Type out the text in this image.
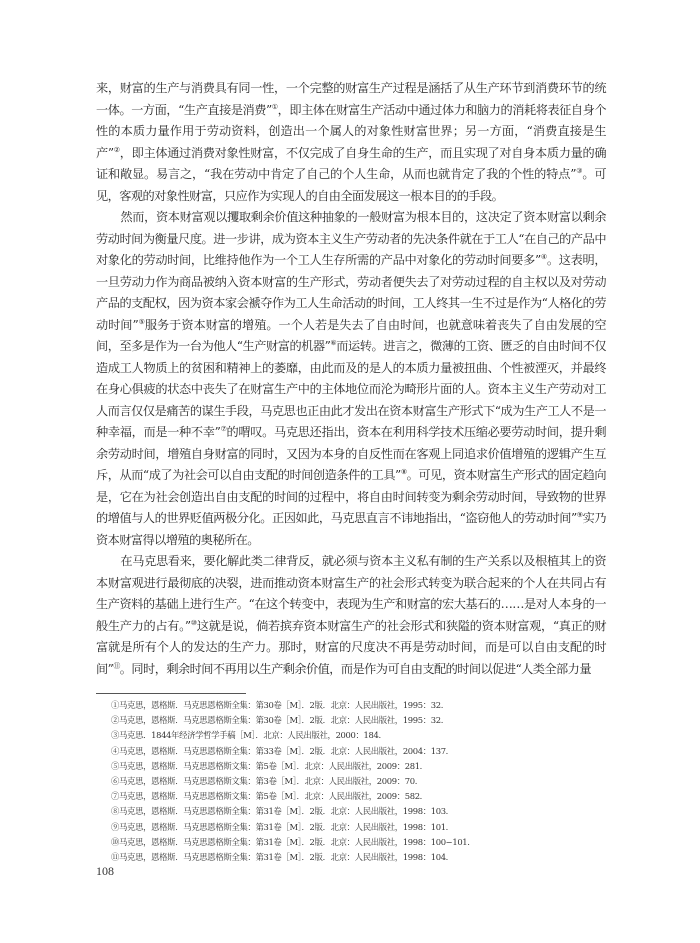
来，财富的生产与消费具有同一性，一个完整的财富生产过程是涵括了从生产环节到消费环节的统一体。一方面，“生产直接是消费”①，即主体在财富生产活动中通过体力和脑力的消耗将表征自身个性的本质力量作用于劳动资料，创造出一个属人的对象性财富世界；另一方面，“消费直接是生产”②，即主体通过消费对象性财富，不仅完成了自身生命的生产，而且实现了对自身本质力量的确证和敞显。易言之，“我在劳动中肯定了自己的个人生命，从而也就肯定了我的个性的特点”③。可见，客观的对象性财富，只应作为实现人的自由全面发展这一根本目的的手段。

然而，资本财富观以攫取剩余价值这种抽象的一般财富为根本目的，这决定了资本财富以剩余劳动时间为衡量尺度。进一步讲，成为资本主义生产劳动者的先决条件就在于工人“在自己的产品中对象化的劳动时间，比维持他作为一个工人生存所需的产品中对象化的劳动时间要多”④。这表明，一旦劳动力作为商品被纳入资本财富的生产形式，劳动者便失去了对劳动过程的自主权以及对劳动产品的支配权，因为资本家会褫夺作为工人生命活动的时间，工人终其一生不过是作为“人格化的劳动时间”⑤服务于资本财富的增殖。一个人若是失去了自由时间，也就意味着丧失了自由发展的空间，至多是作为一台为他人“生产财富的机器”⑥而运转。进言之，微薄的工资、匮乏的自由时间不仅造成工人物质上的贫困和精神上的萎靡，由此而及的是人的本质力量被扭曲、个性被湮灭，并最终在身心俱疲的状态中丧失了在财富生产中的主体地位而沦为畸形片面的人。资本主义生产劳动对工人而言仅仅是痛苦的谋生手段，马克思也正由此才发出在资本财富生产形式下“成为生产工人不是一种幸福，而是一种不幸”⑦的喟叹。马克思还指出，资本在利用科学技术压缩必要劳动时间，提升剩余劳动时间，增殖自身财富的同时，又因为本身的自反性而在客观上同追求价值增殖的逻辑产生互斥，从而“成了为社会可以自由支配的时间创造条件的工具”⑧。可见，资本财富生产形式的固定趋向是，它在为社会创造出自由支配的时间的过程中，将自由时间转变为剩余劳动时间，导致物的世界的增值与人的世界贬值两极分化。正因如此，马克思直言不讳地指出，“盗窃他人的劳动时间”⑨实乃资本财富得以增殖的奥秘所在。

在马克思看来，要化解此类二律背反，就必须与资本主义私有制的生产关系以及根植其上的资本财富观进行最彻底的决裂，进而推动资本财富生产的社会形式转变为联合起来的个人在共同占有生产资料的基础上进行生产。“在这个转变中，表现为生产和财富的宏大基石的……是对人本身的一般生产力的占有。”⑩这就是说，倘若摈弃资本财富生产的社会形式和狭隘的资本财富观，“真正的财富就是所有个人的发达的生产力。那时，财富的尺度决不再是劳动时间，而是可以自由支配的时间”⑪。同时，剩余时间不再用以生产剩余价值，而是作为可自由支配的时间以促进“人类全部力量

①马克思，恩格斯．马克思恩格斯全集：第30卷［M］．2版．北京：人民出版社，1995：32.
②马克思，恩格斯．马克思恩格斯全集：第30卷［M］．2版．北京：人民出版社，1995：32.
③马克思．1844年经济学哲学手稿［M］．北京：人民出版社，2000：184.
④马克思，恩格斯．马克思恩格斯全集：第33卷［M］．2版．北京：人民出版社，2004：137.
⑤马克思，恩格斯．马克思恩格斯文集：第5卷［M］．北京：人民出版社，2009：281.
⑥马克思，恩格斯．马克思恩格斯文集：第3卷［M］．北京：人民出版社，2009：70.
⑦马克思，恩格斯．马克思恩格斯文集：第5卷［M］．北京：人民出版社，2009：582.
⑧马克思，恩格斯．马克思恩格斯全集：第31卷［M］．2版．北京：人民出版社，1998：103.
⑨马克思，恩格斯．马克思恩格斯全集：第31卷［M］．2版．北京：人民出版社，1998：101.
⑩马克思，恩格斯．马克思恩格斯全集：第31卷［M］．2版．北京：人民出版社，1998：100−101.
⑪马克思，恩格斯．马克思恩格斯全集：第31卷［M］．2版．北京：人民出版社，1998：104.
108
